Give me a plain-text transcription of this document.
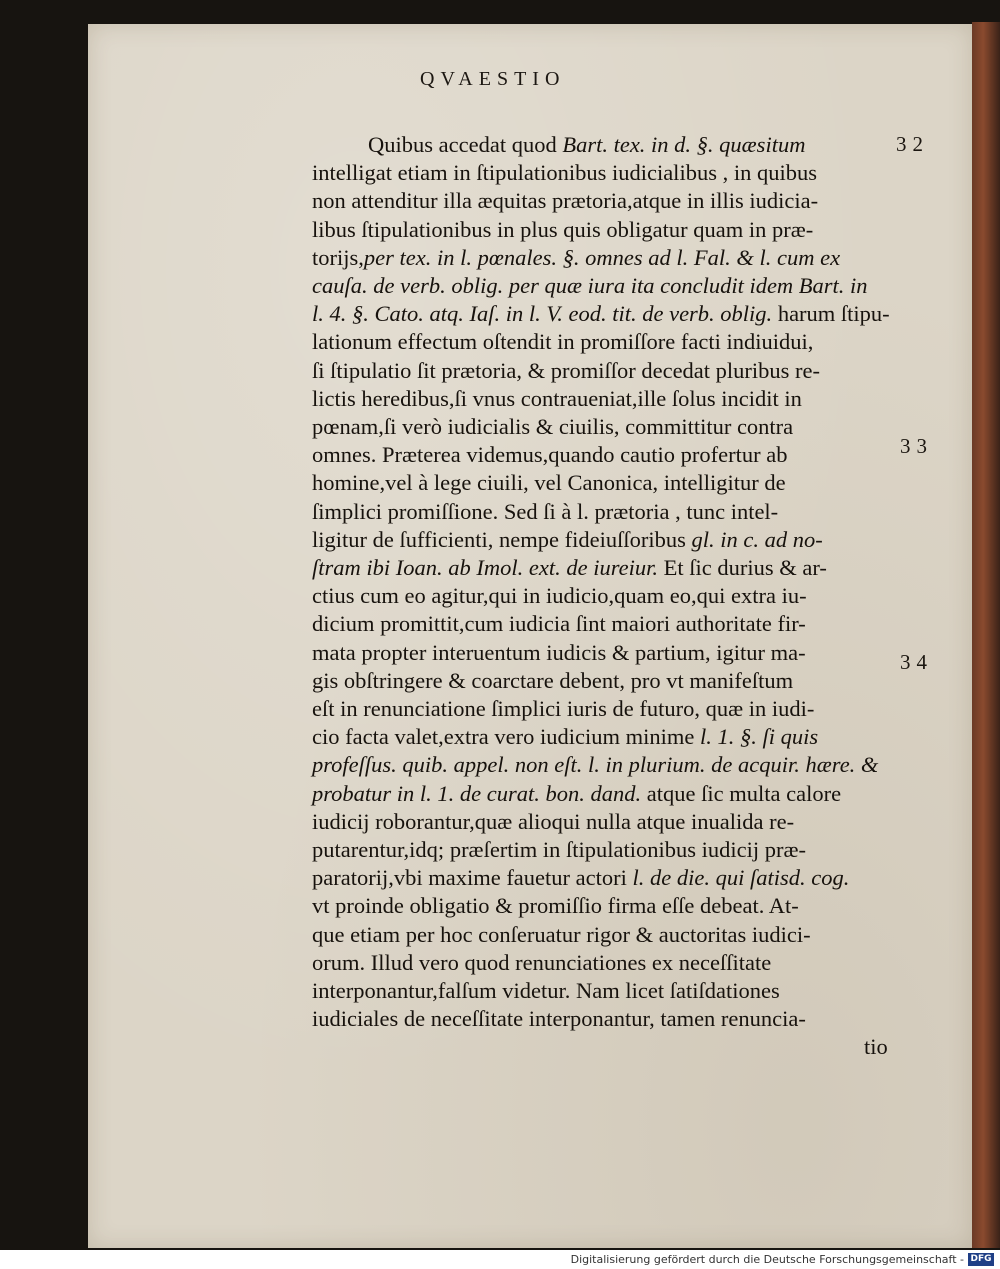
QVAESTIO
Quibus accedat quod Bart. tex. in d. §. quæsitum
intelligat etiam in ſtipulationibus iudicialibus , in quibus
non attenditur illa æquitas prætoria,atque in illis iudicia-
libus ſtipulationibus in plus quis obligatur quam in præ-
torijs,per tex. in l. pœnales. §. omnes ad l. Fal. & l. cum ex
cauſa. de verb. oblig. per quæ iura ita concludit idem Bart. in
l. 4. §. Cato. atq. Iaſ. in l. V. eod. tit. de verb. oblig. harum ſtipu-
lationum effectum oſtendit in promiſſore facti indiuidui,
ſi ſtipulatio ſit prætoria, & promiſſor decedat pluribus re-
lictis heredibus,ſi vnus contraueniat,ille ſolus incidit in
pœnam,ſi verò iudicialis & ciuilis, committitur contra
omnes. Præterea videmus,quando cautio profertur ab
homine,vel à lege ciuili, vel Canonica, intelligitur de
ſimplici promiſſione. Sed ſi à l. prætoria , tunc intel-
ligitur de ſufficienti, nempe fideiuſſoribus gl. in c. ad no-
ſtram ibi Ioan. ab Imol. ext. de iureiur. Et ſic durius & ar-
ctius cum eo agitur,qui in iudicio,quam eo,qui extra iu-
dicium promittit,cum iudicia ſint maiori authoritate fir-
mata propter interuentum iudicis & partium, igitur ma-
gis obſtringere & coarctare debent, pro vt manifeſtum
eſt in renunciatione ſimplici iuris de futuro, quæ in iudi-
cio facta valet,extra vero iudicium minime l. 1. §. ſi quis
profeſſus. quib. appel. non eſt. l. in plurium. de acquir. hære. &
probatur in l. 1. de curat. bon. dand. atque ſic multa calore
iudicij roborantur,quæ alioqui nulla atque inualida re-
putarentur,idq; præſertim in ſtipulationibus iudicij præ-
paratorij,vbi maxime fauetur actori l. de die. qui ſatisd. cog.
vt proinde obligatio & promiſſio firma eſſe debeat. At-
que etiam per hoc conſeruatur rigor & auctoritas iudici-
orum. Illud vero quod renunciationes ex neceſſitate
interponantur,falſum videtur. Nam licet ſatiſdationes
iudiciales de neceſſitate interponantur, tamen renuncia-
tio
32
33
34
Digitalisierung gefördert durch die Deutsche Forschungsgemeinschaft - DFG
